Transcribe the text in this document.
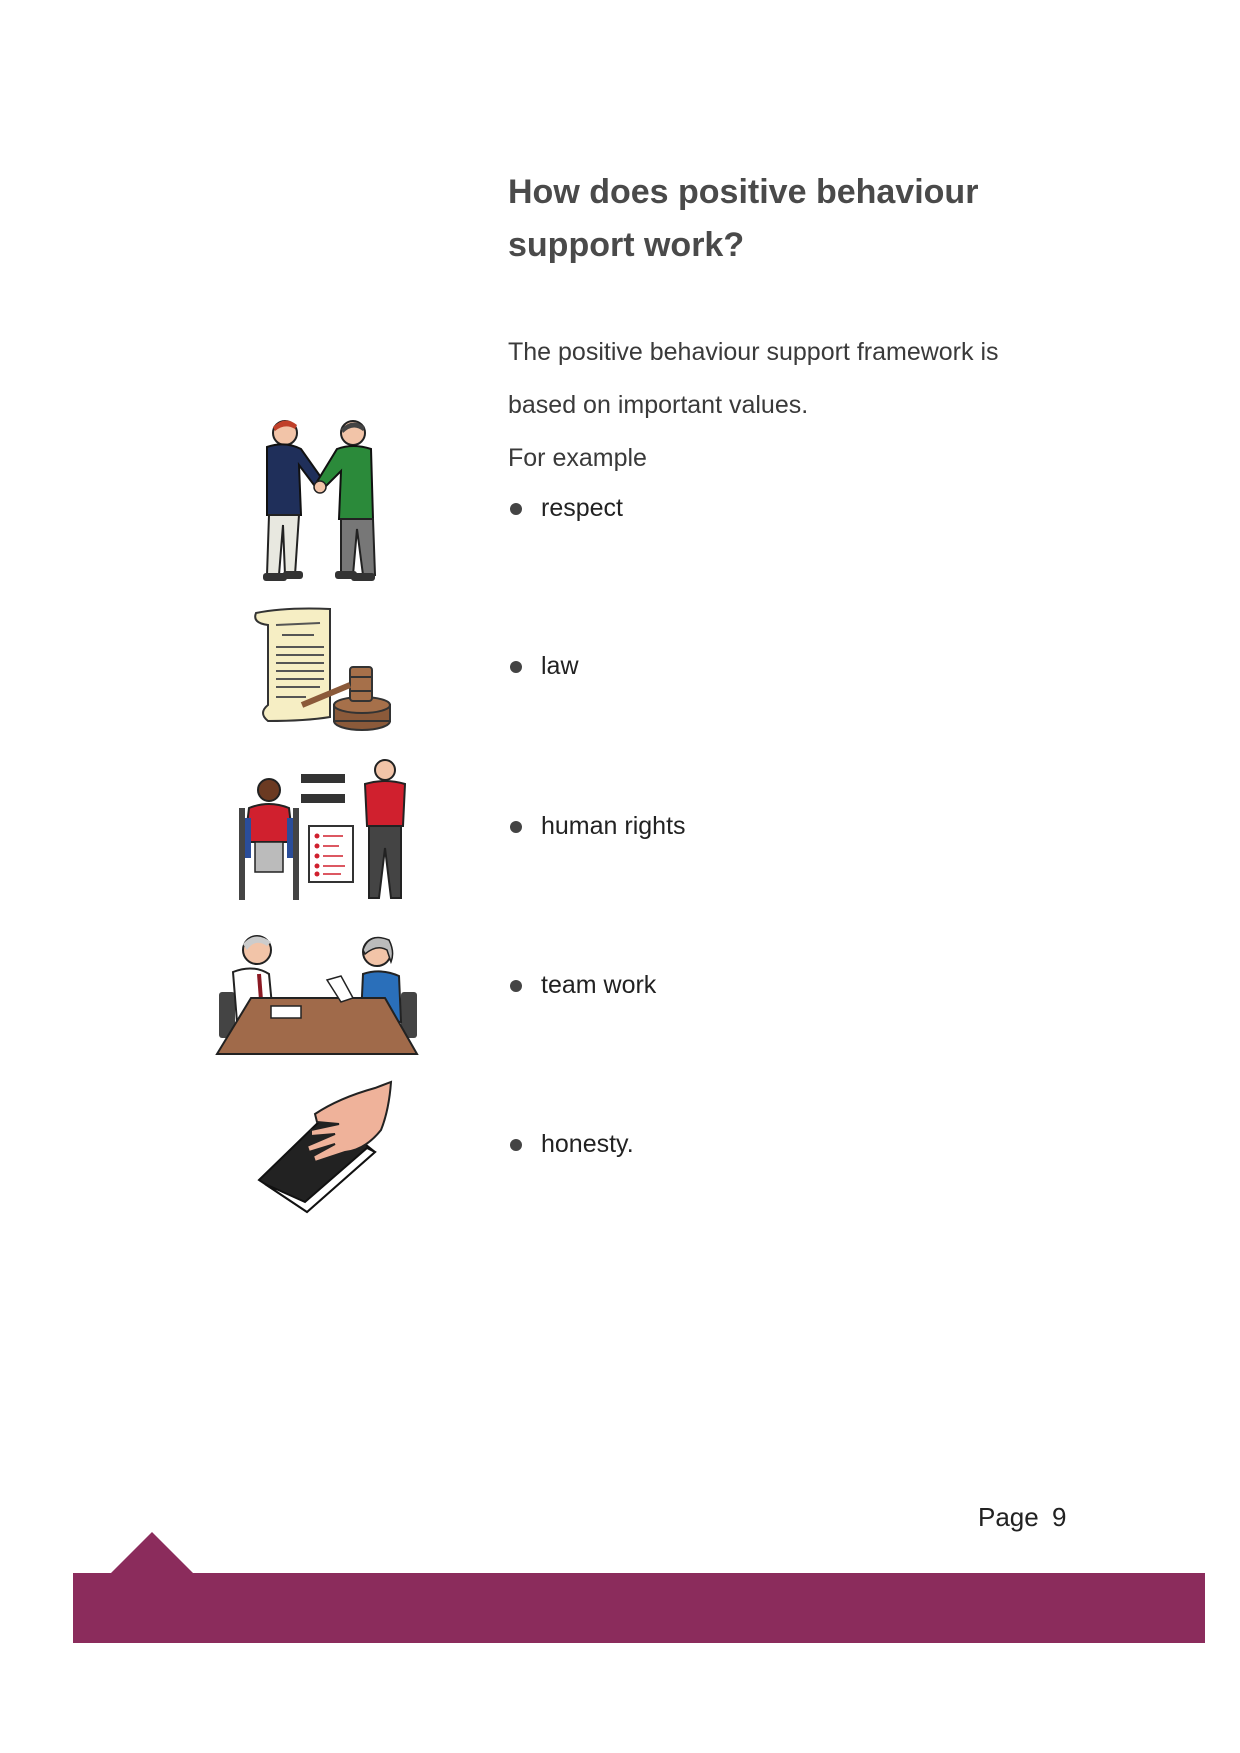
How does positive behaviour support work?

The positive behaviour support framework is

based on important values.

For example

respect
law
human rights
team work
honesty.
Page 9
